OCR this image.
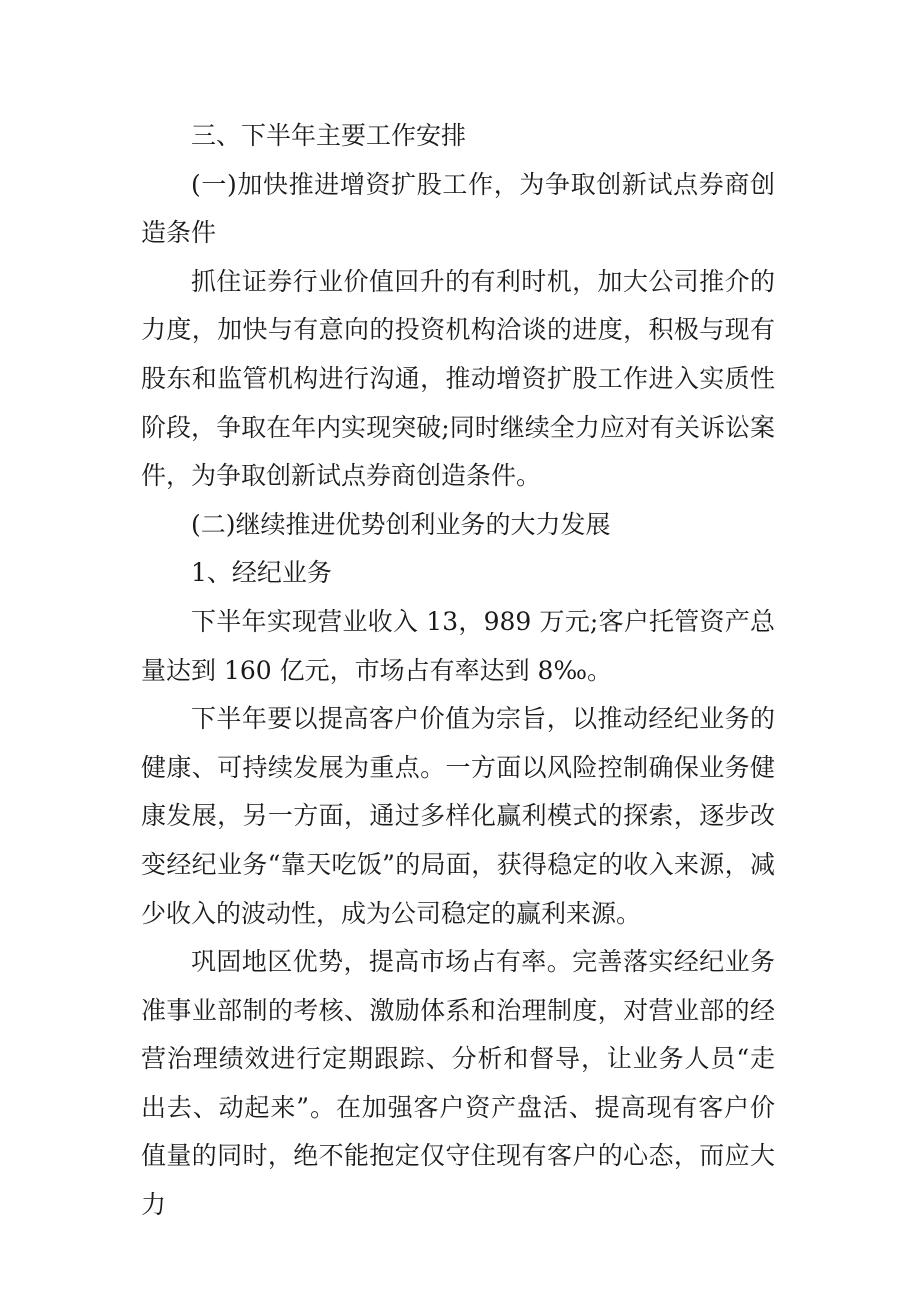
三、下半年主要工作安排

(一)加快推进增资扩股工作，为争取创新试点券商创造条件

抓住证券行业价值回升的有利时机，加大公司推介的力度，加快与有意向的投资机构洽谈的进度，积极与现有股东和监管机构进行沟通，推动增资扩股工作进入实质性阶段，争取在年内实现突破;同时继续全力应对有关诉讼案件，为争取创新试点券商创造条件。

(二)继续推进优势创利业务的大力发展

1、经纪业务

下半年实现营业收入 13，989 万元;客户托管资产总量达到 160 亿元，市场占有率达到 8‰。

下半年要以提高客户价值为宗旨，以推动经纪业务的健康、可持续发展为重点。一方面以风险控制确保业务健康发展，另一方面，通过多样化赢利模式的探索，逐步改变经纪业务“靠天吃饭”的局面，获得稳定的收入来源，减少收入的波动性，成为公司稳定的赢利来源。

巩固地区优势，提高市场占有率。完善落实经纪业务准事业部制的考核、激励体系和治理制度，对营业部的经营治理绩效进行定期跟踪、分析和督导，让业务人员“走出去、动起来”。在加强客户资产盘活、提高现有客户价值量的同时，绝不能抱定仅守住现有客户的心态，而应大力
